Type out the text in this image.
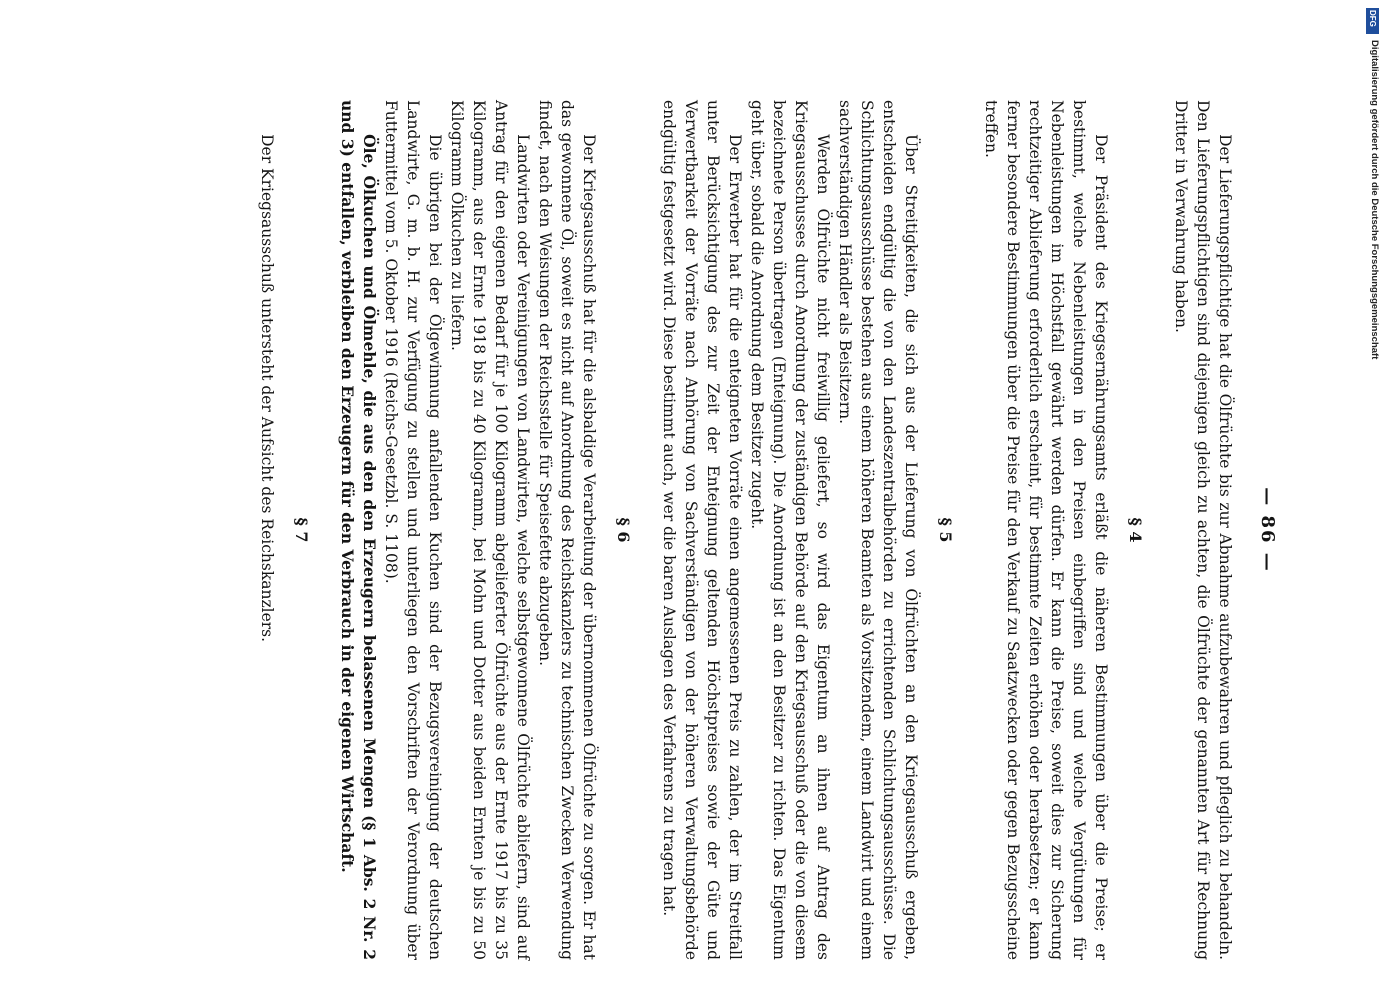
— 86 —

Der Lieferungspflichtige hat die Ölfrüchte bis zur Abnahme aufzubewahren und pfleglich zu behandeln. Den Lieferungspflichtigen sind diejenigen gleich zu achten, die Ölfrüchte der genannten Art für Rechnung Dritter in Verwahrung haben.

§ 4

Der Präsident des Kriegsernährungsamts erläßt die näheren Bestimmungen über die Preise; er bestimmt, welche Nebenleistungen in den Preisen einbegriffen sind und welche Vergütungen für Nebenleistungen im Höchstfall gewährt werden dürfen. Er kann die Preise, soweit dies zur Sicherung rechtzeitiger Ablieferung erforderlich erscheint, für bestimmte Zeiten erhöhen oder herabsetzen; er kann ferner besondere Bestimmungen über die Preise für den Verkauf zu Saatzwecken oder gegen Bezugsscheine treffen.

§ 5

Über Streitigkeiten, die sich aus der Lieferung von Ölfrüchten an den Kriegsausschuß ergeben, entscheiden endgültig die von den Landeszentralbehörden zu errichtenden Schlichtungsausschüsse. Die Schlichtungsausschüsse bestehen aus einem höheren Beamten als Vorsitzendem, einem Landwirt und einem sachverständigen Händler als Beisitzern.

Werden Ölfrüchte nicht freiwillig geliefert, so wird das Eigentum an ihnen auf Antrag des Kriegsausschusses durch Anordnung der zuständigen Behörde auf den Kriegsausschuß oder die von diesem bezeichnete Person übertragen (Enteignung). Die Anordnung ist an den Besitzer zu richten. Das Eigentum geht über, sobald die Anordnung dem Besitzer zugeht.

Der Erwerber hat für die enteigneten Vorräte einen angemessenen Preis zu zahlen, der im Streitfall unter Berücksichtigung des zur Zeit der Enteignung geltenden Höchstpreises sowie der Güte und Verwertbarkeit der Vorräte nach Anhörung von Sachverständigen von der höheren Verwaltungsbehörde endgültig festgesetzt wird. Diese bestimmt auch, wer die baren Auslagen des Verfahrens zu tragen hat.

§ 6

Der Kriegsausschuß hat für die alsbaldige Verarbeitung der übernommenen Ölfrüchte zu sorgen. Er hat das gewonnene Öl, soweit es nicht auf Anordnung des Reichskanzlers zu technischen Zwecken Verwendung findet, nach den Weisungen der Reichsstelle für Speisefette abzugeben.

Landwirten oder Vereinigungen von Landwirten, welche selbstgewonnene Ölfrüchte abliefern, sind auf Antrag für den eigenen Bedarf für je 100 Kilogramm abgelieferter Ölfrüchte aus der Ernte 1917 bis zu 35 Kilogramm, aus der Ernte 1918 bis zu 40 Kilogramm, bei Mohn und Dotter aus beiden Ernten je bis zu 50 Kilogramm Ölkuchen zu liefern.

Die übrigen bei der Ölgewinnung anfallenden Kuchen sind der Bezugsvereinigung der deutschen Landwirte, G. m. b. H. zur Verfügung zu stellen und unterliegen den Vorschriften der Verordnung über Futtermittel vom 5. Oktober 1916 (Reichs-Gesetzbl. S. 1108).

Öle, Ölkuchen und Ölmehle, die aus den den Erzeugern belassenen Mengen (§ 1 Abs. 2 Nr. 2 und 3) entfallen, verbleiben den Erzeugern für den Verbrauch in der eigenen Wirtschaft.

§ 7

Der Kriegsausschuß untersteht der Aufsicht des Reichskanzlers.

DFG
Digitalisierung gefördert durch die Deutsche Forschungsgemeinschaft
